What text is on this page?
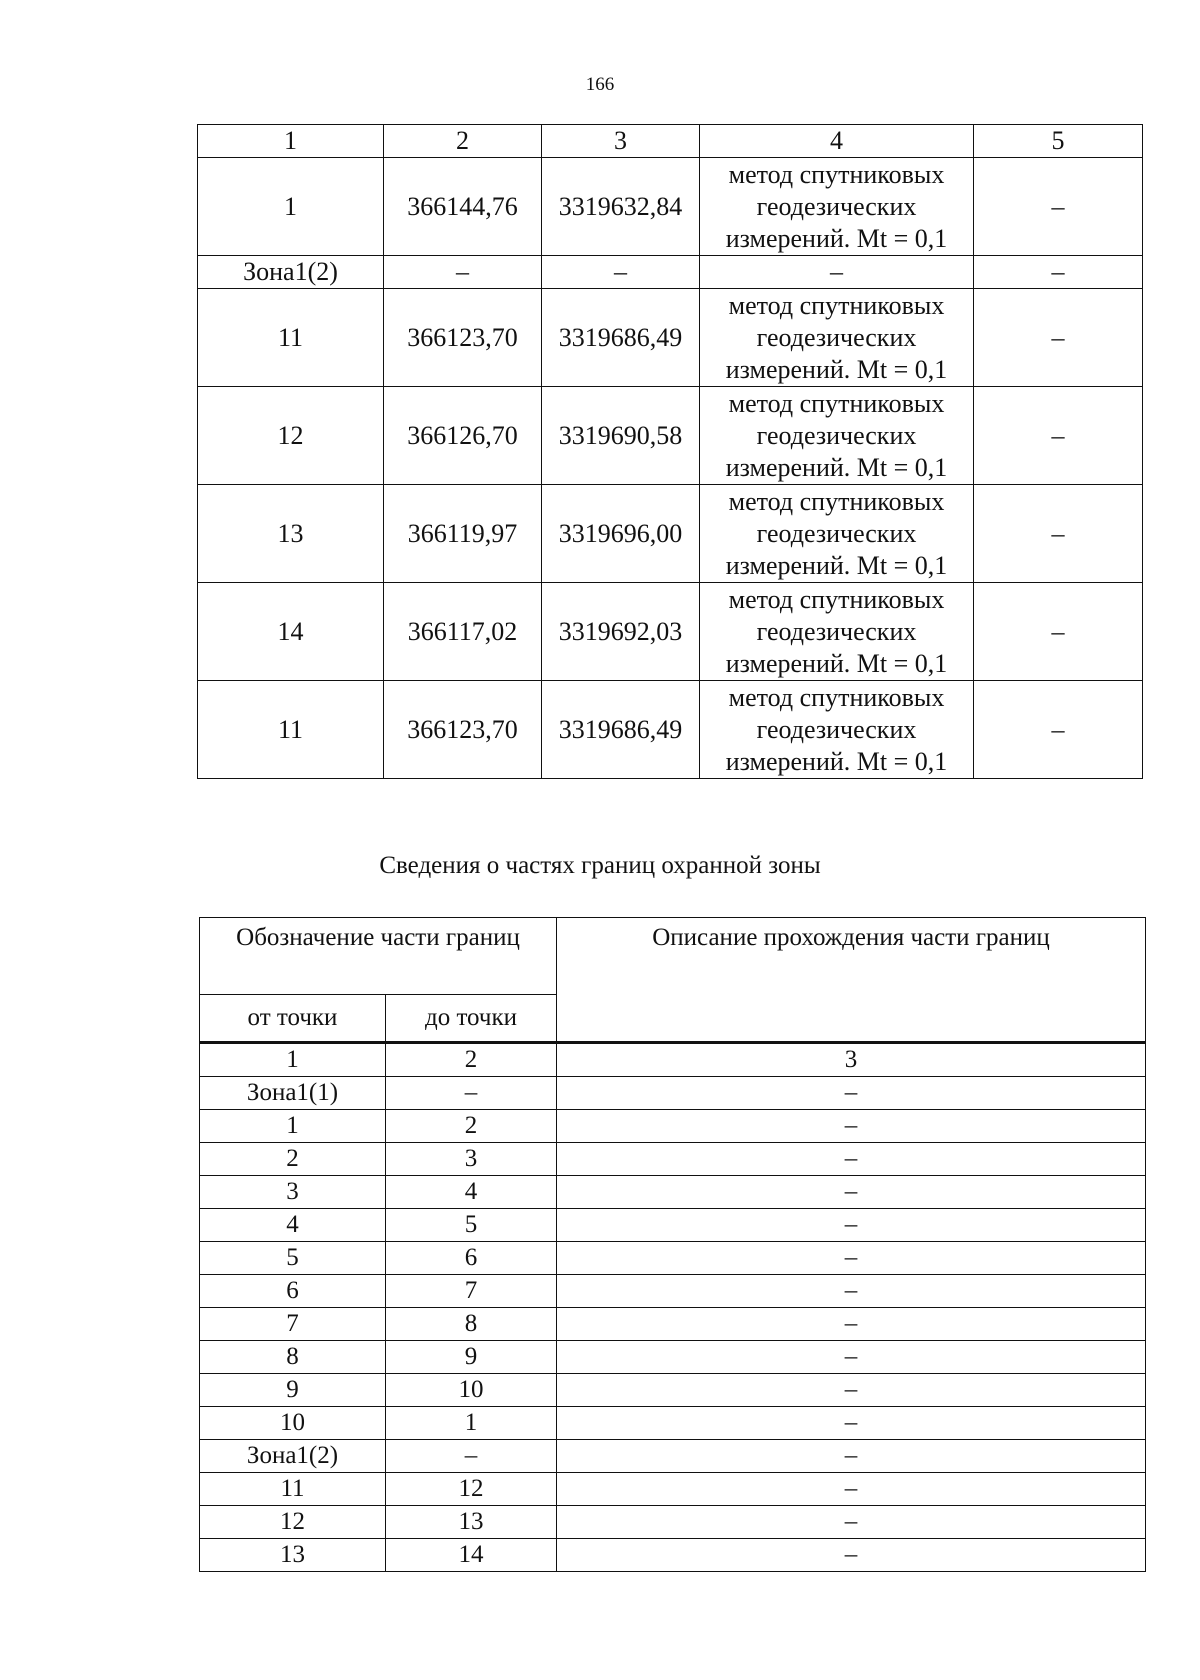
166
1	2	3	4	5
1	366144,76	3319632,84	метод спутниковых
геодезических
измерений. Mt = 0,1	–
Зона1(2)	–	–	–	–
11	366123,70	3319686,49	метод спутниковых
геодезических
измерений. Mt = 0,1	–
12	366126,70	3319690,58	метод спутниковых
геодезических
измерений. Mt = 0,1	–
13	366119,97	3319696,00	метод спутниковых
геодезических
измерений. Mt = 0,1	–
14	366117,02	3319692,03	метод спутниковых
геодезических
измерений. Mt = 0,1	–
11	366123,70	3319686,49	метод спутниковых
геодезических
измерений. Mt = 0,1	–
Сведения о частях границ охранной зоны
Обозначение части границ		Описание прохождения части границ
от точки	до точки	
1	2	3
Зона1(1)	–	–
1	2	–
2	3	–
3	4	–
4	5	–
5	6	–
6	7	–
7	8	–
8	9	–
9	10	–
10	1	–
Зона1(2)	–	–
11	12	–
12	13	–
13	14	–
